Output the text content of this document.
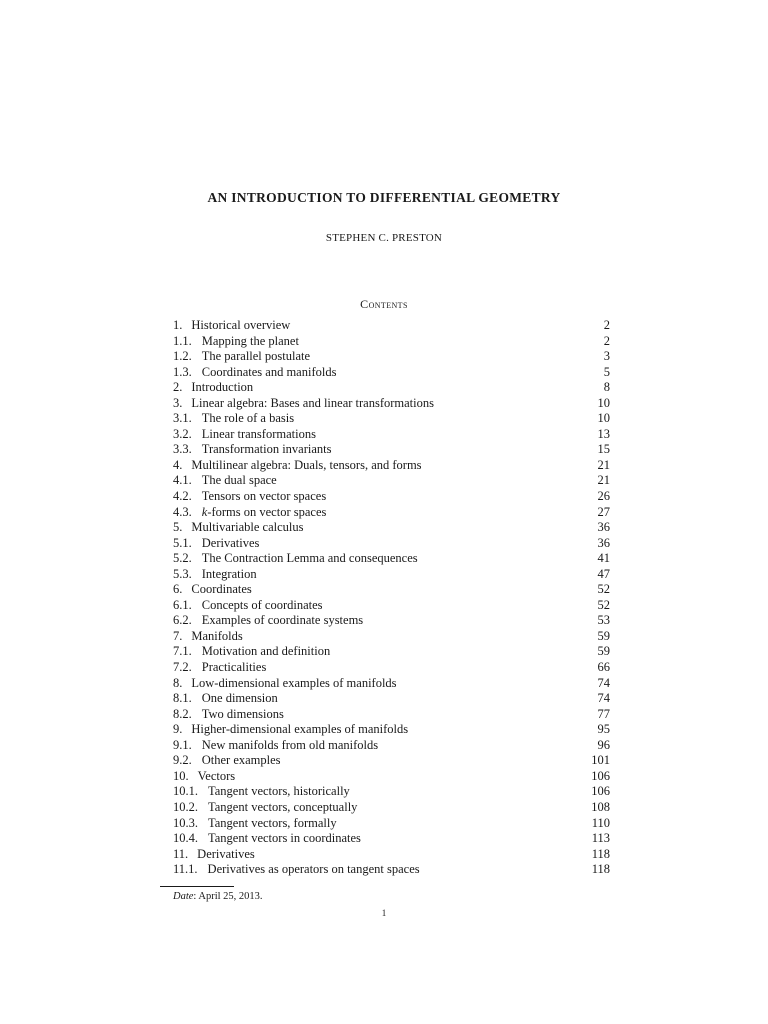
AN INTRODUCTION TO DIFFERENTIAL GEOMETRY
STEPHEN C. PRESTON
Contents
1. Historical overview	2
1.1. Mapping the planet	2
1.2. The parallel postulate	3
1.3. Coordinates and manifolds	5
2. Introduction	8
3. Linear algebra: Bases and linear transformations	10
3.1. The role of a basis	10
3.2. Linear transformations	13
3.3. Transformation invariants	15
4. Multilinear algebra: Duals, tensors, and forms	21
4.1. The dual space	21
4.2. Tensors on vector spaces	26
4.3. k-forms on vector spaces	27
5. Multivariable calculus	36
5.1. Derivatives	36
5.2. The Contraction Lemma and consequences	41
5.3. Integration	47
6. Coordinates	52
6.1. Concepts of coordinates	52
6.2. Examples of coordinate systems	53
7. Manifolds	59
7.1. Motivation and definition	59
7.2. Practicalities	66
8. Low-dimensional examples of manifolds	74
8.1. One dimension	74
8.2. Two dimensions	77
9. Higher-dimensional examples of manifolds	95
9.1. New manifolds from old manifolds	96
9.2. Other examples	101
10. Vectors	106
10.1. Tangent vectors, historically	106
10.2. Tangent vectors, conceptually	108
10.3. Tangent vectors, formally	110
10.4. Tangent vectors in coordinates	113
11. Derivatives	118
11.1. Derivatives as operators on tangent spaces	118
Date: April 25, 2013.
1
